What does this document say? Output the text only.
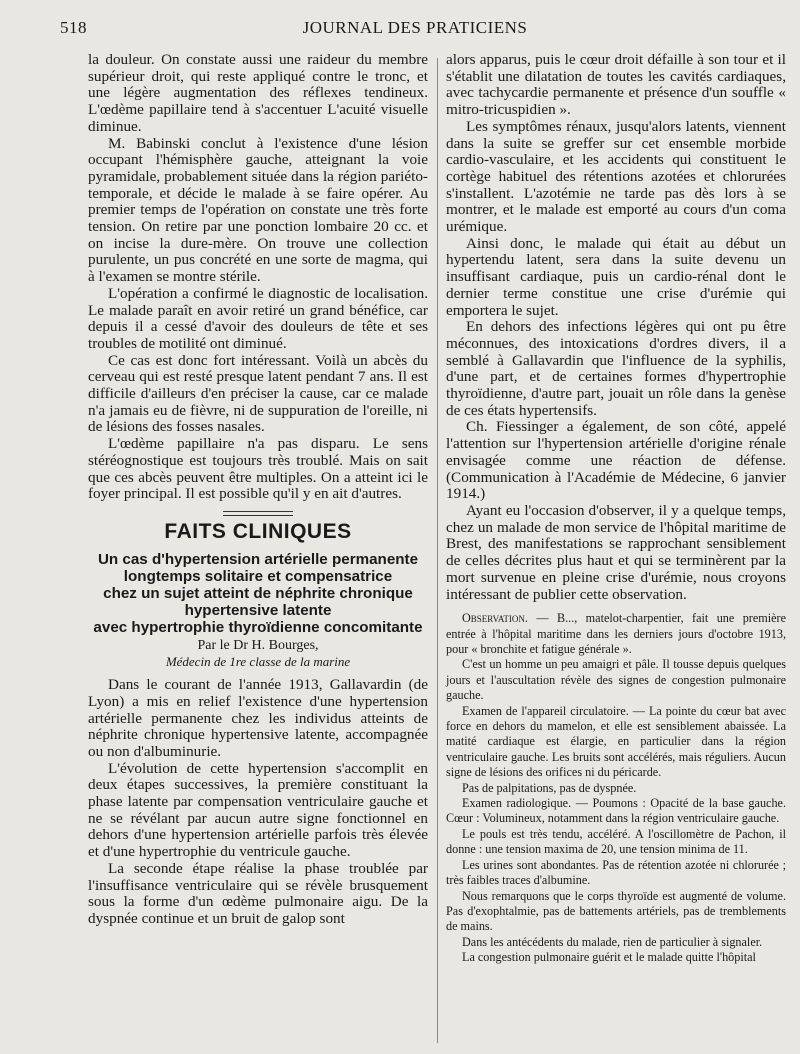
518	JOURNAL DES PRATICIENS

la douleur. On constate aussi une raideur du membre supérieur droit, qui reste appliqué contre le tronc, et une légère augmentation des réflexes tendineux. L'œdème papillaire tend à s'accentuer L'acuité visuelle diminue.

M. Babinski conclut à l'existence d'une lésion occupant l'hémisphère gauche, atteignant la voie pyramidale, probablement située dans la région pariéto-temporale, et décide le malade à se faire opérer. Au premier temps de l'opération on constate une très forte tension. On retire par une ponction lombaire 20 cc. et on incise la dure-mère. On trouve une collection purulente, un pus concrété en une sorte de magma, qui à l'examen se montre stérile.

L'opération a confirmé le diagnostic de localisation. Le malade paraît en avoir retiré un grand bénéfice, car depuis il a cessé d'avoir des douleurs de tête et ses troubles de motilité ont diminué.

Ce cas est donc fort intéressant. Voilà un abcès du cerveau qui est resté presque latent pendant 7 ans. Il est difficile d'ailleurs d'en préciser la cause, car ce malade n'a jamais eu de fièvre, ni de suppuration de l'oreille, ni de lésions des fosses nasales.

L'œdème papillaire n'a pas disparu. Le sens stéréognostique est toujours très troublé. Mais on sait que ces abcès peuvent être multiples. On a atteint ici le foyer principal. Il est possible qu'il y en ait d'autres.

FAITS CLINIQUES
Un cas d'hypertension artérielle permanente
longtemps solitaire et compensatrice
chez un sujet atteint de néphrite chronique
hypertensive latente
avec hypertrophie thyroïdienne concomitante
Par le Dr H. Bourges,
Médecin de 1re classe de la marine

Dans le courant de l'année 1913, Gallavardin (de Lyon) a mis en relief l'existence d'une hypertension artérielle permanente chez les individus atteints de néphrite chronique hypertensive latente, accompagnée ou non d'albuminurie.

L'évolution de cette hypertension s'accomplit en deux étapes successives, la première constituant la phase latente par compensation ventriculaire gauche et ne se révélant par aucun autre signe fonctionnel en dehors d'une hypertension artérielle parfois très élevée et d'une hypertrophie du ventricule gauche.

La seconde étape réalise la phase troublée par l'insuffisance ventriculaire qui se révèle brusquement sous la forme d'un œdème pulmonaire aigu. De la dyspnée continue et un bruit de galop sont

alors apparus, puis le cœur droit défaille à son tour et il s'établit une dilatation de toutes les cavités cardiaques, avec tachycardie permanente et présence d'un souffle « mitro-tricuspidien ».

Les symptômes rénaux, jusqu'alors latents, viennent dans la suite se greffer sur cet ensemble morbide cardio-vasculaire, et les accidents qui constituent le cortège habituel des rétentions azotées et chlorurées s'installent. L'azotémie ne tarde pas dès lors à se montrer, et le malade est emporté au cours d'un coma urémique.

Ainsi donc, le malade qui était au début un hypertendu latent, sera dans la suite devenu un insuffisant cardiaque, puis un cardio-rénal dont le dernier terme constitue une crise d'urémie qui emportera le sujet.

En dehors des infections légères qui ont pu être méconnues, des intoxications d'ordres divers, il a semblé à Gallavardin que l'influence de la syphilis, d'une part, et de certaines formes d'hypertrophie thyroïdienne, d'autre part, jouait un rôle dans la genèse de ces états hypertensifs.

Ch. Fiessinger a également, de son côté, appelé l'attention sur l'hypertension artérielle d'origine rénale envisagée comme une réaction de défense. (Communication à l'Académie de Médecine, 6 janvier 1914.)

Ayant eu l'occasion d'observer, il y a quelque temps, chez un malade de mon service de l'hôpital maritime de Brest, des manifestations se rapprochant sensiblement de celles décrites plus haut et qui se terminèrent par la mort survenue en pleine crise d'urémie, nous croyons intéressant de publier cette observation.

Observation. — B..., matelot-charpentier, fait une première entrée à l'hôpital maritime dans les derniers jours d'octobre 1913, pour « bronchite et fatigue générale ».

C'est un homme un peu amaigri et pâle. Il tousse depuis quelques jours et l'auscultation révèle des signes de congestion pulmonaire gauche.

Examen de l'appareil circulatoire. — La pointe du cœur bat avec force en dehors du mamelon, et elle est sensiblement abaissée. La matité cardiaque est élargie, en particulier dans la région ventriculaire gauche. Les bruits sont accélérés, mais réguliers. Aucun signe de lésions des orifices ni du péricarde.

Pas de palpitations, pas de dyspnée.

Examen radiologique. — Poumons : Opacité de la base gauche. Cœur : Volumineux, notamment dans la région ventriculaire gauche.

Le pouls est très tendu, accéléré. A l'oscillomètre de Pachon, il donne : une tension maxima de 20, une tension minima de 11.

Les urines sont abondantes. Pas de rétention azotée ni chlorurée ; très faibles traces d'albumine.

Nous remarquons que le corps thyroïde est augmenté de volume. Pas d'exophtalmie, pas de battements artériels, pas de tremblements de mains.

Dans les antécédents du malade, rien de particulier à signaler.

La congestion pulmonaire guérit et le malade quitte l'hôpital
